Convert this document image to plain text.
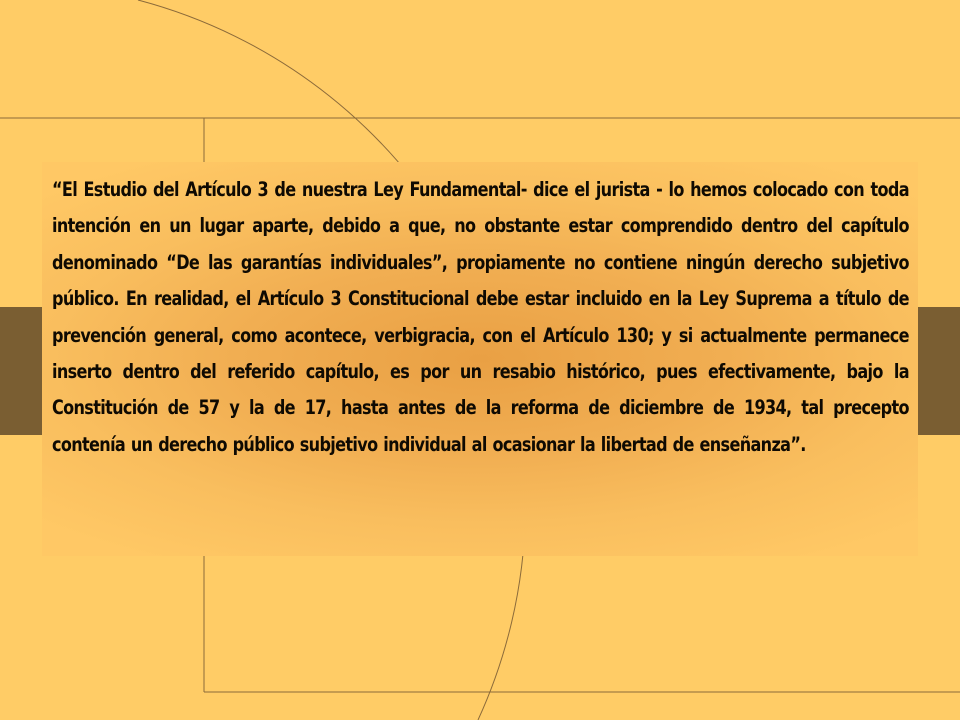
“El Estudio del Artículo 3 de nuestra Ley Fundamental- dice el jurista - lo hemos colocado con toda intención en un lugar aparte, debido a que, no obstante estar comprendido dentro del capítulo denominado “De las garantías individuales”, propiamente no contiene ningún derecho subjetivo público. En realidad, el Artículo 3 Constitucional debe estar incluido en la Ley Suprema a título de prevención general, como acontece, verbigracia, con el Artículo 130; y si actualmente permanece inserto dentro del referido capítulo, es por un resabio histórico, pues efectivamente, bajo la Constitución de 57 y la de 17, hasta antes de la reforma de diciembre de 1934, tal precepto contenía un derecho público subjetivo individual al ocasionar la libertad de enseñanza”.
